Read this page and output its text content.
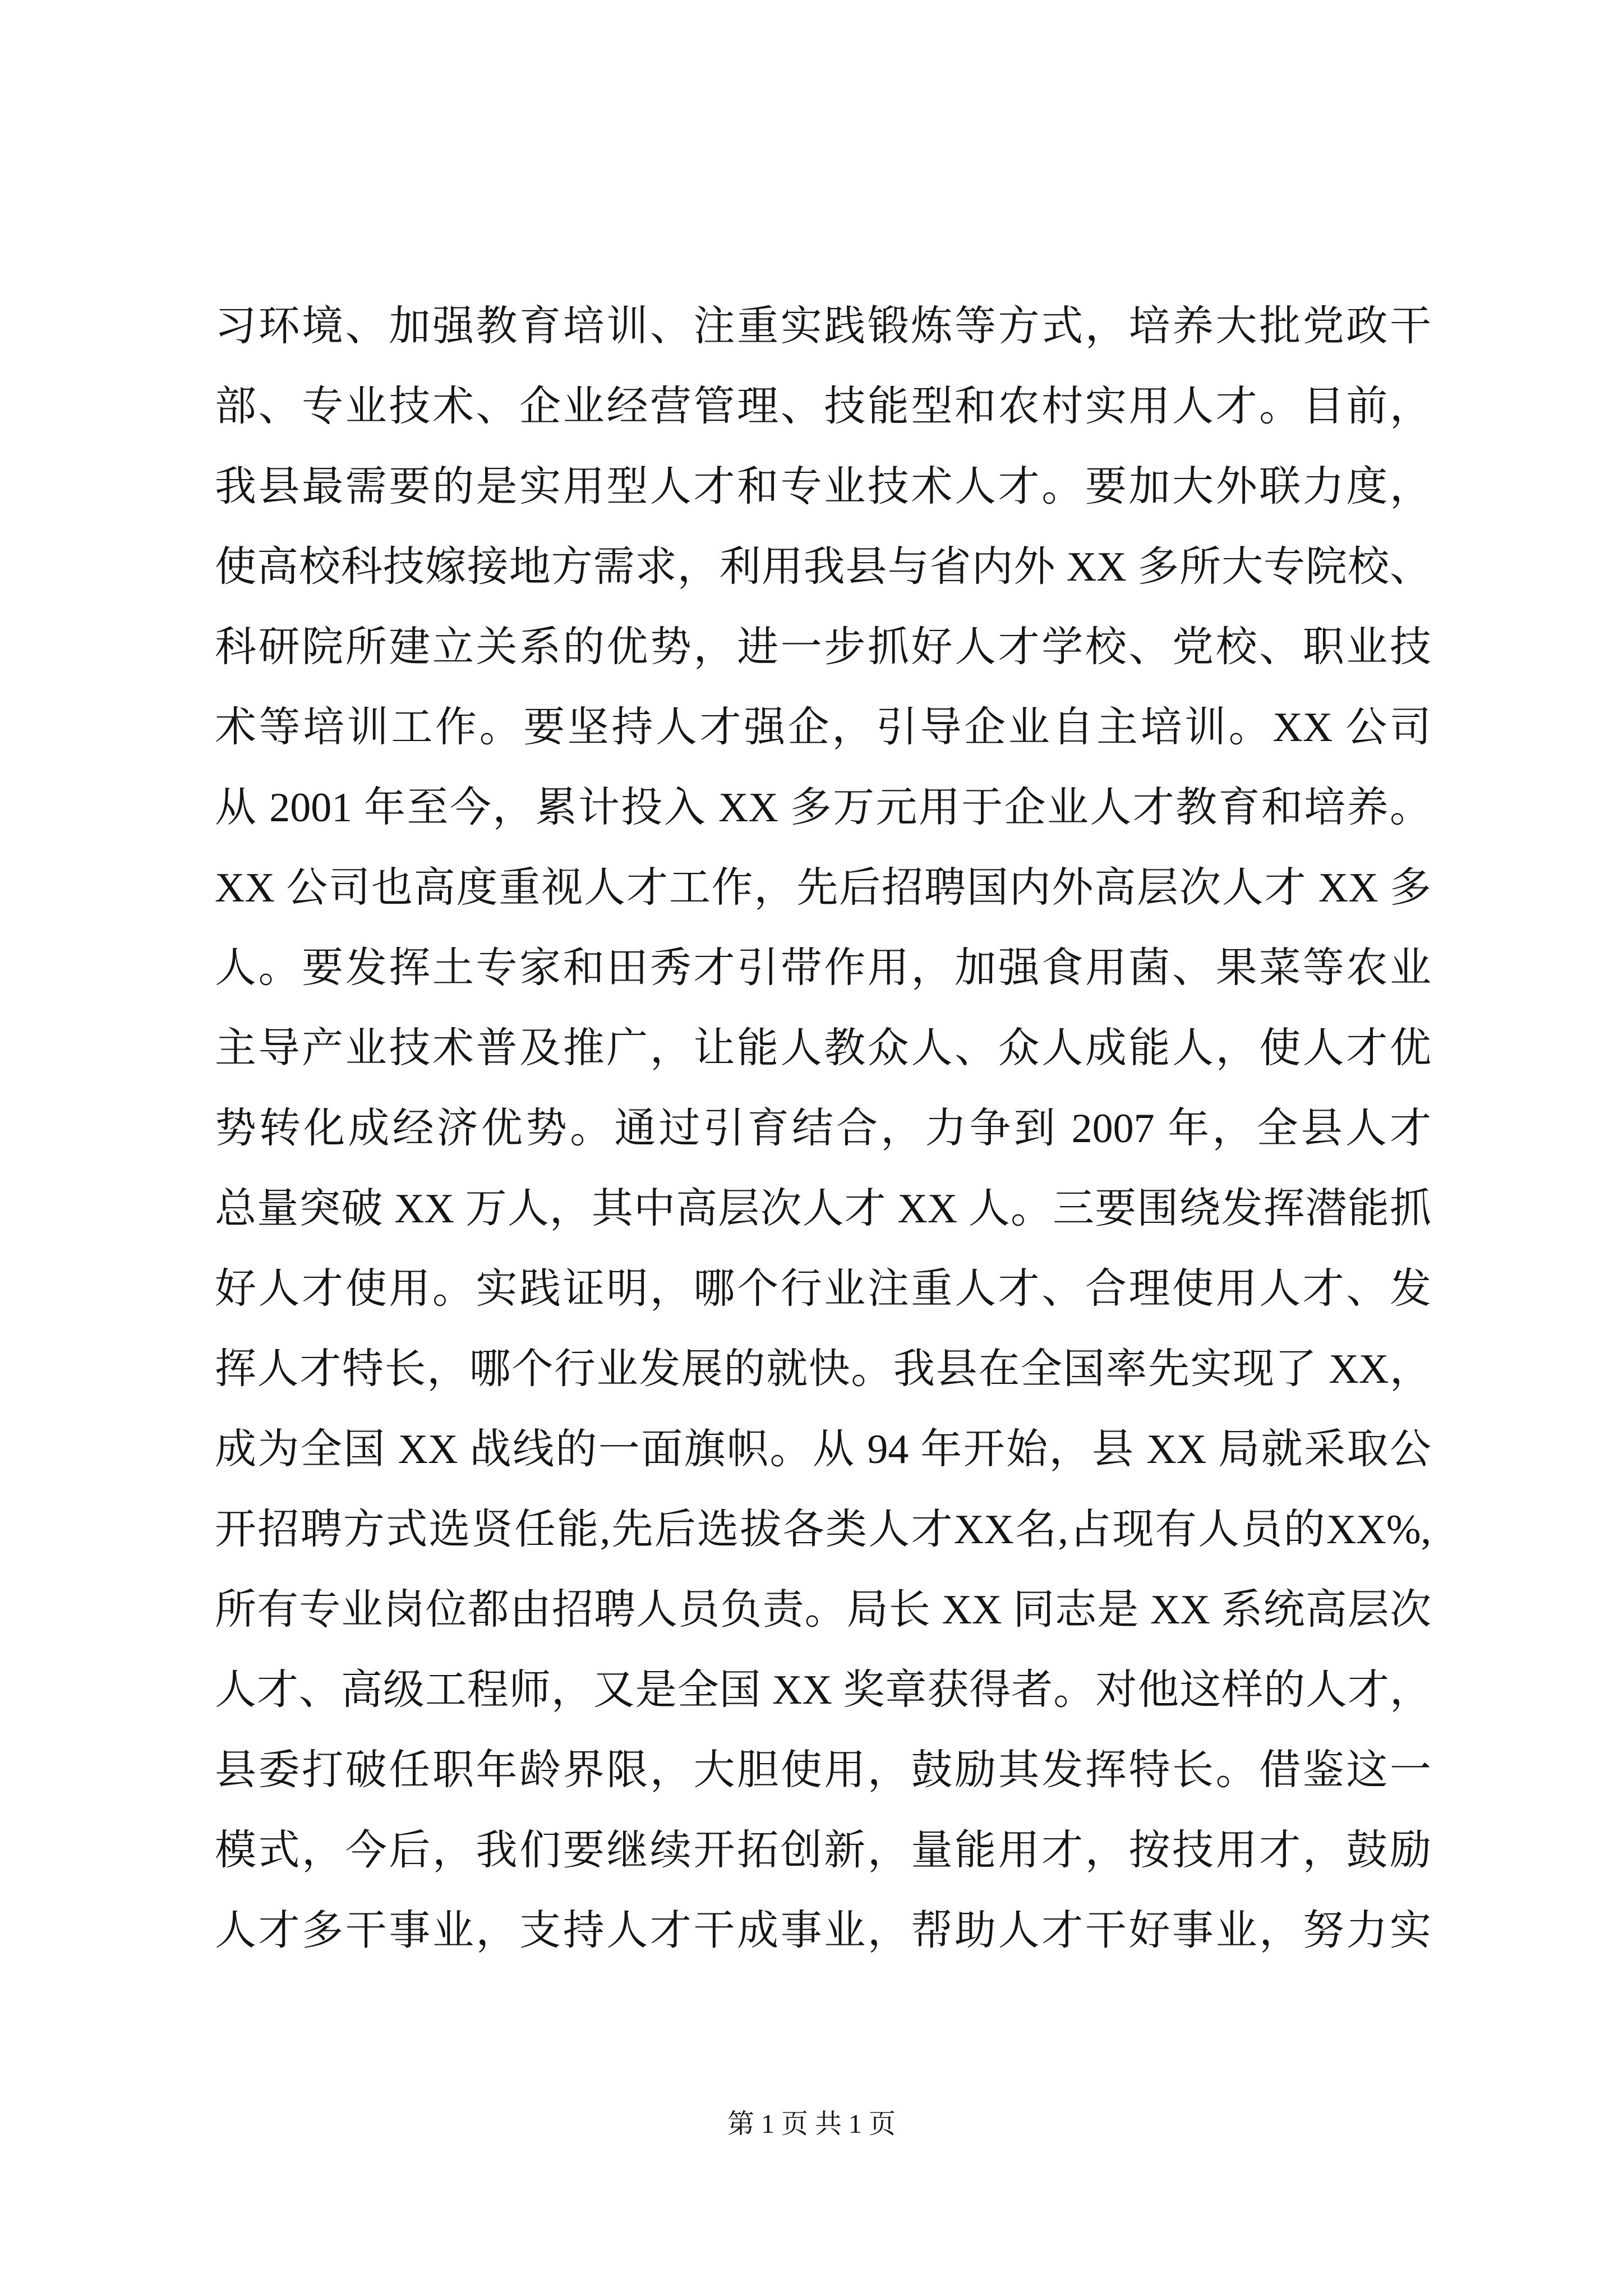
习环境、加强教育培训、注重实践锻炼等方式，培养大批党政干
部、专业技术、企业经营管理、技能型和农村实用人才。目前，
我县最需要的是实用型人才和专业技术人才。要加大外联力度，
使高校科技嫁接地方需求，利用我县与省内外 XX 多所大专院校、
科研院所建立关系的优势，进一步抓好人才学校、党校、职业技
术等培训工作。要坚持人才强企，引导企业自主培训。XX 公司
从 2001 年至今，累计投入 XX 多万元用于企业人才教育和培养。
XX 公司也高度重视人才工作，先后招聘国内外高层次人才 XX 多
人。要发挥土专家和田秀才引带作用，加强食用菌、果菜等农业
主导产业技术普及推广，让能人教众人、众人成能人，使人才优
势转化成经济优势。通过引育结合，力争到 2007 年，全县人才
总量突破 XX 万人，其中高层次人才 XX 人。三要围绕发挥潜能抓
好人才使用。实践证明，哪个行业注重人才、合理使用人才、发
挥人才特长，哪个行业发展的就快。我县在全国率先实现了 XX，
成为全国 XX 战线的一面旗帜。从 94 年开始，县 XX 局就采取公
开招聘方式选贤任能,先后选拔各类人才XX名,占现有人员的XX%,
所有专业岗位都由招聘人员负责。局长 XX 同志是 XX 系统高层次
人才、高级工程师，又是全国 XX 奖章获得者。对他这样的人才，
县委打破任职年龄界限，大胆使用，鼓励其发挥特长。借鉴这一
模式，今后，我们要继续开拓创新，量能用才，按技用才，鼓励
人才多干事业，支持人才干成事业，帮助人才干好事业，努力实
第 1 页 共 1 页
